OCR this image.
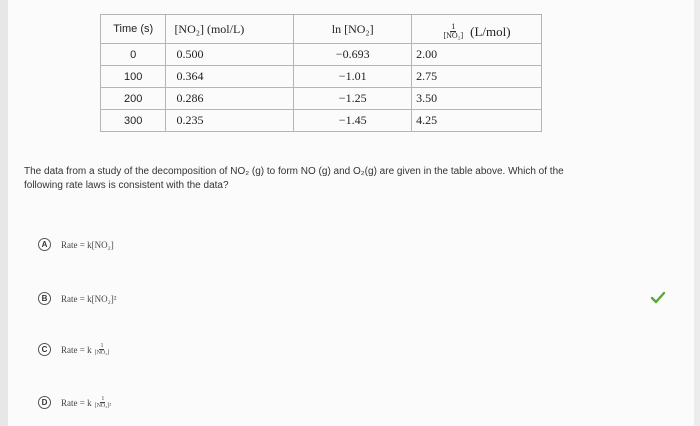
Time (s)	[NO₂] (mol/L)	ln [NO₂]	$\frac{1}{\text{[NO₂]}} (L/mol)$

0	0.500	−0.693	2.00
100	0.364	−1.01	2.75
200	0.286	−1.25	3.50
300	0.235	−1.45	4.25
The data from a study of the decomposition of NO₂ (g) to form NO (g) and O₂(g) are given in the table above. Which of the
following rate laws is consistent with the data?
A	Rate = k[NO₂]
B	Rate = k[NO₂]²
C	Rate = k $\frac{1}{\text{[NO₂]}}$
D	Rate = k $\frac{1}{\text{[NO₂]²}}$
